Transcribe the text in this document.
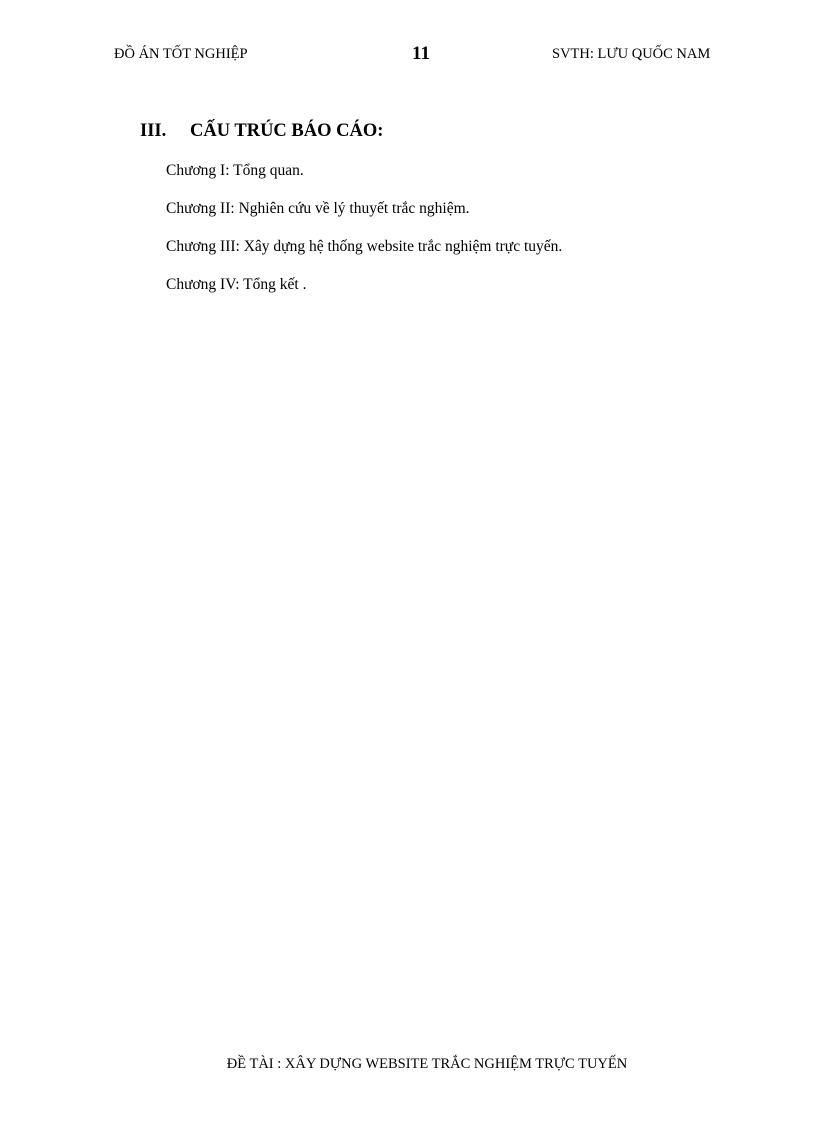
ĐỒ ÁN TỐT NGHIỆP	11	SVTH: LƯU QUỐC NAM
III.	CẤU TRÚC BÁO CÁO:
Chương I: Tổng quan.
Chương II: Nghiên cứu về lý thuyết trắc nghiệm.
Chương III: Xây dựng hệ thống website trắc nghiệm trực tuyến.
Chương IV: Tổng kết .
ĐỀ TÀI : XÂY DỰNG WEBSITE TRẮC NGHIỆM TRỰC TUYẾN
